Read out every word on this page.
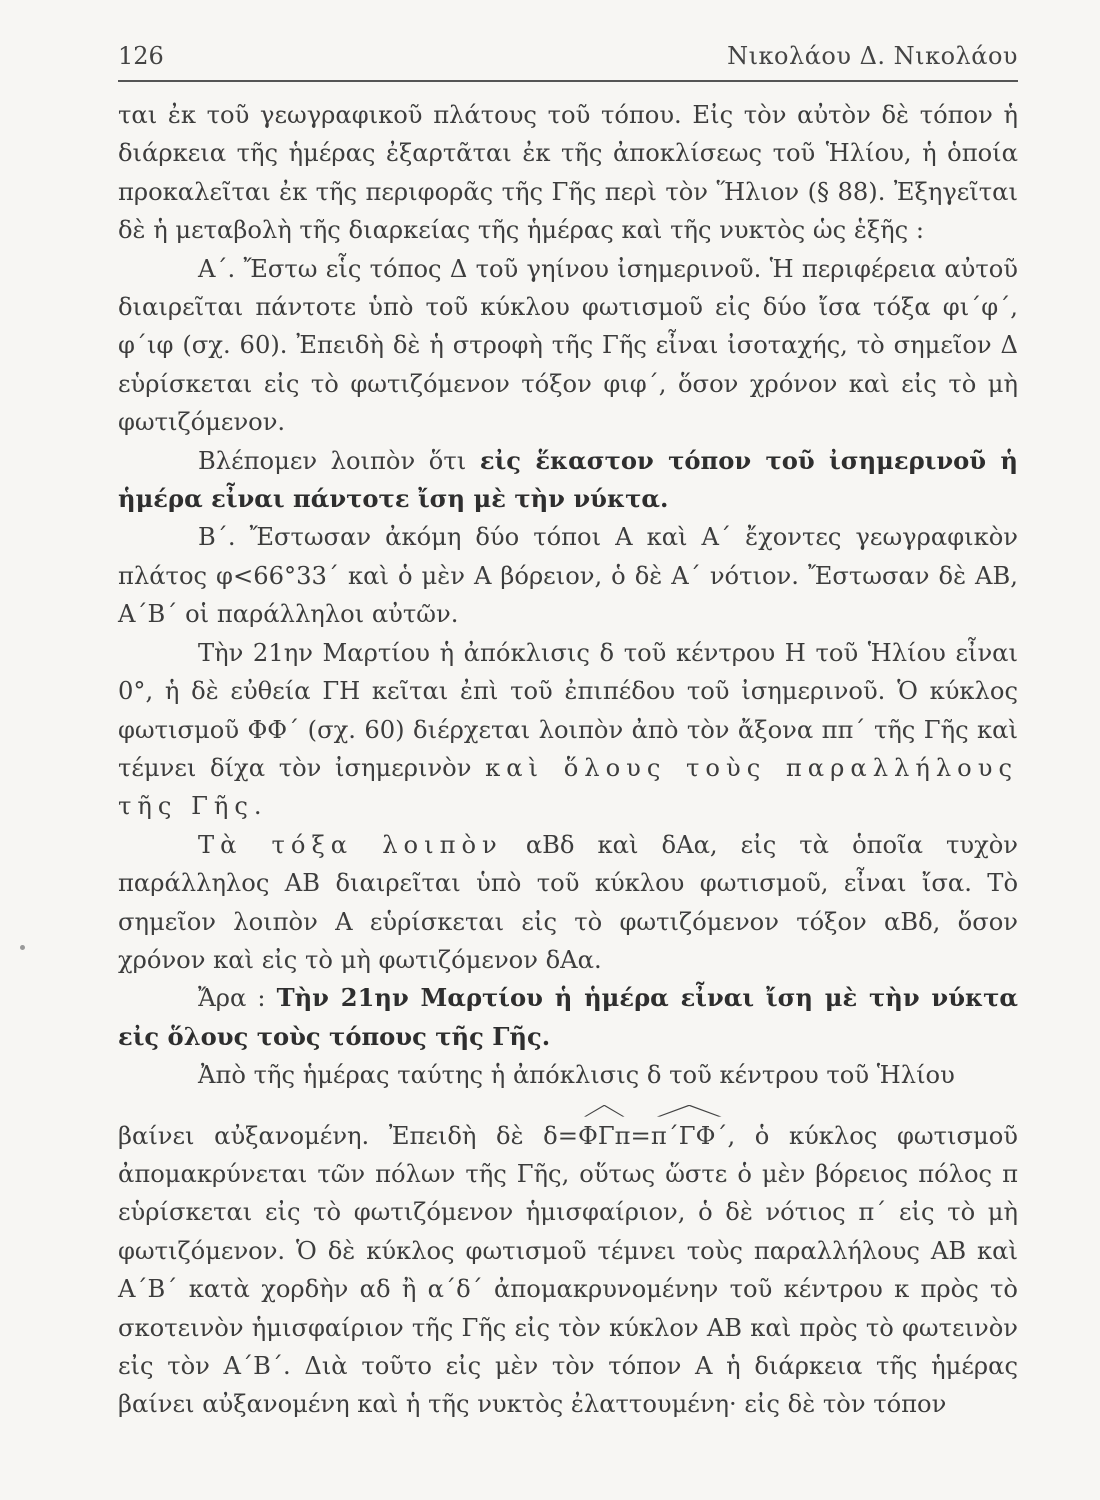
126	Νικολάου Δ. Νικολάου

ται ἐκ τοῦ γεωγραφικοῦ πλάτους τοῦ τόπου. Εἰς τὸν αὐτὸν δὲ τόπον ἡ διάρκεια τῆς ἡμέρας ἐξαρτᾶται ἐκ τῆς ἀποκλίσεως τοῦ Ἡλίου, ἡ ὁποία προκαλεῖται ἐκ τῆς περιφορᾶς τῆς Γῆς περὶ τὸν Ἥλιον (§ 88). Ἐξηγεῖται δὲ ἡ μεταβολὴ τῆς διαρκείας τῆς ἡμέρας καὶ τῆς νυκτὸς ὡς ἑξῆς :

Α΄. Ἔστω εἷς τόπος Δ τοῦ γηίνου ἰσημερινοῦ. Ἡ περιφέρεια αὐτοῦ διαιρεῖται πάντοτε ὑπὸ τοῦ κύκλου φωτισμοῦ εἰς δύο ἴσα τόξα φι΄φ΄, φ΄ιφ (σχ. 60). Ἐπειδὴ δὲ ἡ στροφὴ τῆς Γῆς εἶναι ἰσοταχής, τὸ σημεῖον Δ εὑρίσκεται εἰς τὸ φωτιζόμενον τόξον φιφ΄, ὅσον χρόνον καὶ εἰς τὸ μὴ φωτιζόμενον.

Βλέπομεν λοιπὸν ὅτι εἰς ἕκαστον τόπον τοῦ ἰσημερινοῦ ἡ ἡμέρα εἶναι πάντοτε ἴση μὲ τὴν νύκτα.

Β΄. Ἔστωσαν ἀκόμη δύο τόποι Α καὶ Α΄ ἔχοντες γεωγραφικὸν πλάτος φ<66°33΄ καὶ ὁ μὲν Α βόρειον, ὁ δὲ Α΄ νότιον. Ἔστωσαν δὲ ΑΒ, Α΄Β΄ οἱ παράλληλοι αὐτῶν.

Τὴν 21ην Μαρτίου ἡ ἀπόκλισις δ τοῦ κέντρου Η τοῦ Ἡλίου εἶναι 0°, ἡ δὲ εὐθεία ΓΗ κεῖται ἐπὶ τοῦ ἐπιπέδου τοῦ ἰσημερινοῦ. Ὁ κύκλος φωτισμοῦ ΦΦ΄ (σχ. 60) διέρχεται λοιπὸν ἀπὸ τὸν ἄξονα ππ΄ τῆς Γῆς καὶ τέμνει δίχα τὸν ἰσημερινὸν καὶ ὅλους τοὺς παραλλήλους τῆς Γῆς.

Τὰ τόξα λοιπὸν αΒδ καὶ δΑα, εἰς τὰ ὁποῖα τυχὸν παράλληλος ΑΒ διαιρεῖται ὑπὸ τοῦ κύκλου φωτισμοῦ, εἶναι ἴσα. Τὸ σημεῖον λοιπὸν Α εὑρίσκεται εἰς τὸ φωτιζόμενον τόξον αΒδ, ὅσον χρόνον καὶ εἰς τὸ μὴ φωτιζόμενον δΑα.

Ἄρα : Τὴν 21ην Μαρτίου ἡ ἡμέρα εἶναι ἴση μὲ τὴν νύκτα εἰς ὅλους τοὺς τόπους τῆς Γῆς.

Ἀπὸ τῆς ἡμέρας ταύτης ἡ ἀπόκλισις δ τοῦ κέντρου τοῦ Ἡλίου

βαίνει αὐξανομένη. Ἐπειδὴ δὲ δ=ΦΓπ=π΄ΓΦ΄, ὁ κύκλος φωτισμοῦ ἀπομακρύνεται τῶν πόλων τῆς Γῆς, οὕτως ὥστε ὁ μὲν βόρειος πόλος π εὑρίσκεται εἰς τὸ φωτιζόμενον ἡμισφαίριον, ὁ δὲ νότιος π΄ εἰς τὸ μὴ φωτιζόμενον. Ὁ δὲ κύκλος φωτισμοῦ τέμνει τοὺς παραλλήλους ΑΒ καὶ Α΄Β΄ κατὰ χορδὴν αδ ἢ α΄δ΄ ἀπομακρυνομένην τοῦ κέντρου κ πρὸς τὸ σκοτεινὸν ἡμισφαίριον τῆς Γῆς εἰς τὸν κύκλον ΑΒ καὶ πρὸς τὸ φωτεινὸν εἰς τὸν Α΄Β΄. Διὰ τοῦτο εἰς μὲν τὸν τόπον Α ἡ διάρκεια τῆς ἡμέρας βαίνει αὐξανομένη καὶ ἡ τῆς νυκτὸς ἐλαττουμένη· εἰς δὲ τὸν τόπον
